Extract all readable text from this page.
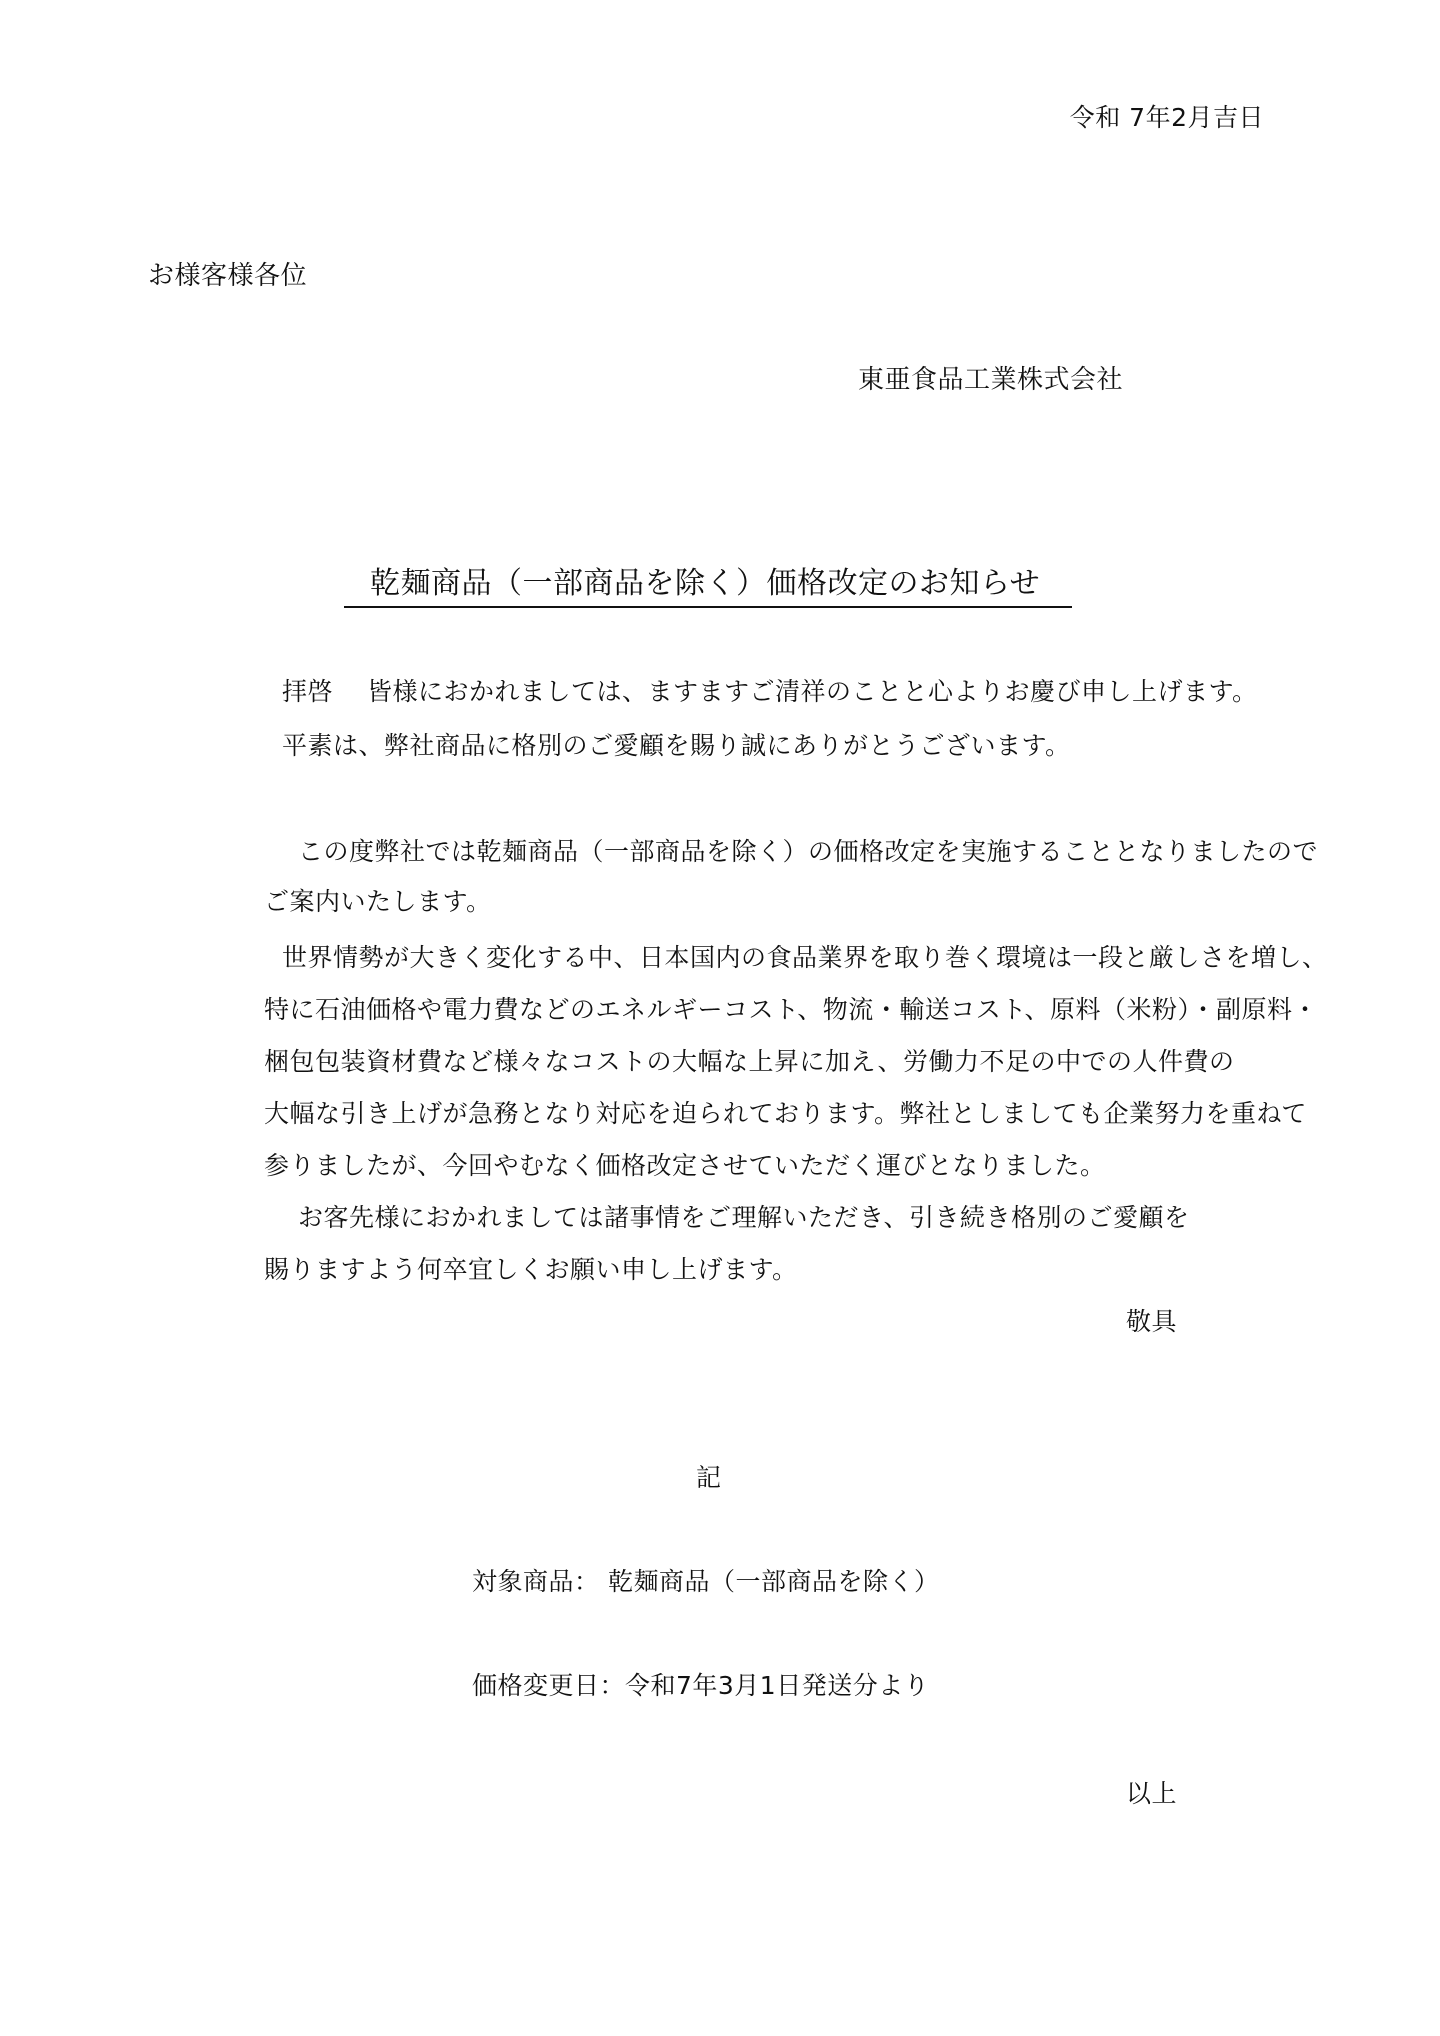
令和 7年2月吉日
お様客様各位
東亜食品工業株式会社
乾麺商品（一部商品を除く）価格改定のお知らせ
拝啓　 皆様におかれましては、ますますご清祥のことと心よりお慶び申し上げます。
平素は、弊社商品に格別のご愛顧を賜り誠にありがとうございます。
この度弊社では乾麺商品（一部商品を除く）の価格改定を実施することとなりましたので
ご案内いたします。
世界情勢が大きく変化する中、日本国内の食品業界を取り巻く環境は一段と厳しさを増し、
特に石油価格や電力費などのエネルギーコスト、物流・輸送コスト、原料（米粉）・副原料・
梱包包装資材費など様々なコストの大幅な上昇に加え、労働力不足の中での人件費の
大幅な引き上げが急務となり対応を迫られております。弊社としましても企業努力を重ねて
参りましたが、今回やむなく価格改定させていただく運びとなりました。
お客先様におかれましては諸事情をご理解いただき、引き続き格別のご愛顧を
賜りますよう何卒宜しくお願い申し上げます。
敬具
記
対象商品： 乾麺商品（一部商品を除く）
価格変更日：令和7年3月1日発送分より
以上
